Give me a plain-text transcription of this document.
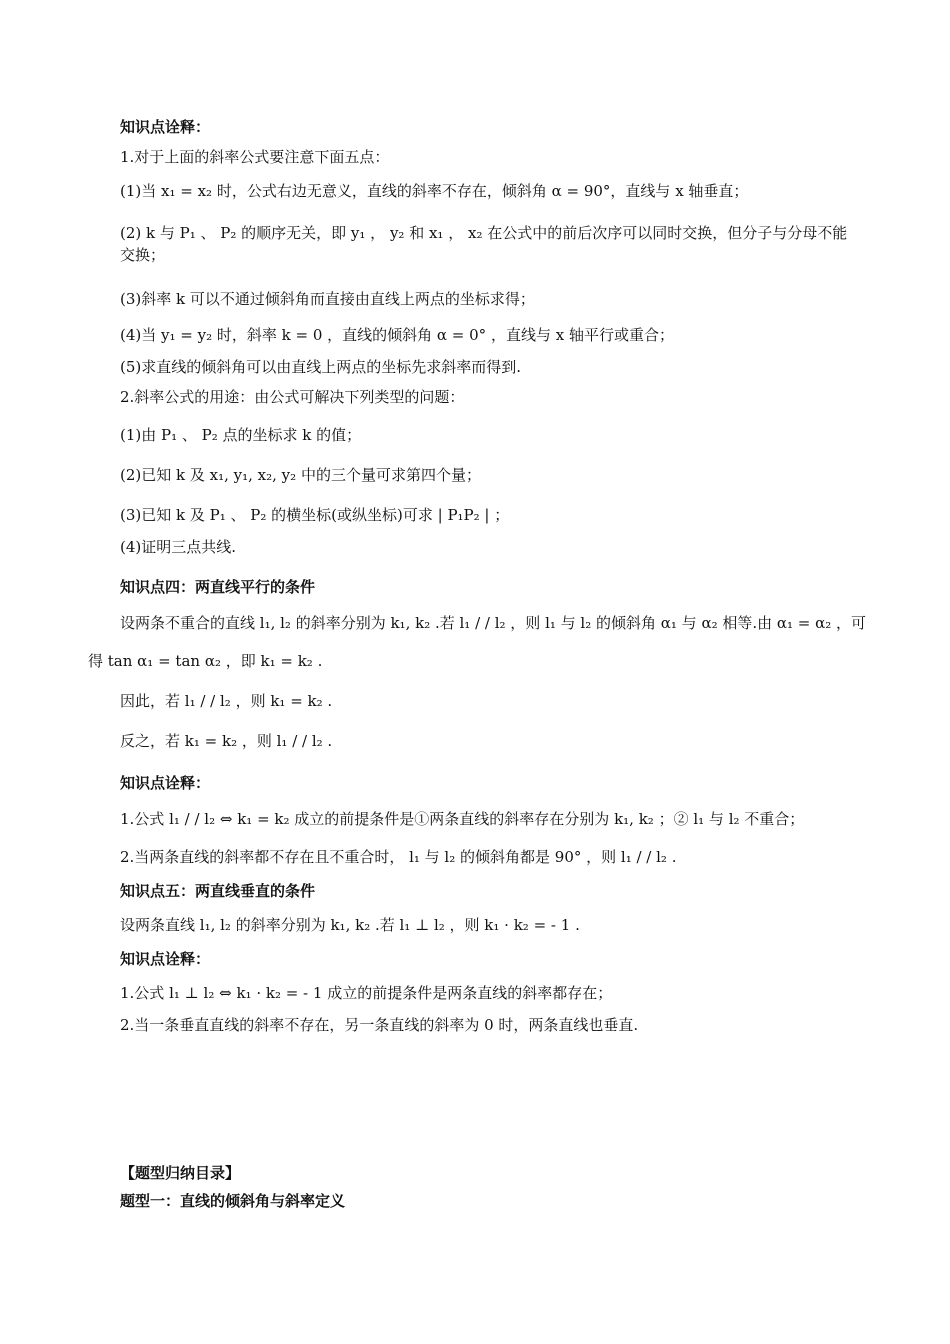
知识点诠释：
1.对于上面的斜率公式要注意下面五点：
(1)当 x₁ = x₂ 时，公式右边无意义，直线的斜率不存在，倾斜角 α = 90°，直线与 x 轴垂直；
(2) k 与 P₁ 、 P₂ 的顺序无关，即 y₁ ， y₂ 和 x₁ ， x₂ 在公式中的前后次序可以同时交换，但分子与分母不能交换；
(3)斜率 k 可以不通过倾斜角而直接由直线上两点的坐标求得；
(4)当 y₁ = y₂ 时，斜率 k = 0 ，直线的倾斜角 α = 0° ，直线与 x 轴平行或重合；
(5)求直线的倾斜角可以由直线上两点的坐标先求斜率而得到.
2.斜率公式的用途：由公式可解决下列类型的问题：
(1)由 P₁ 、 P₂ 点的坐标求 k 的值；
(2)已知 k 及 x₁, y₁, x₂, y₂ 中的三个量可求第四个量；
(3)已知 k 及 P₁ 、 P₂ 的横坐标(或纵坐标)可求 | P₁P₂ | ；
(4)证明三点共线.
知识点四：两直线平行的条件
设两条不重合的直线 l₁, l₂ 的斜率分别为 k₁, k₂ .若 l₁ / / l₂ ，则 l₁ 与 l₂ 的倾斜角 α₁ 与 α₂ 相等.由 α₁ = α₂ ，可
得 tan α₁ = tan α₂ ，即 k₁ = k₂ .
因此，若 l₁ / / l₂ ，则 k₁ = k₂ .
反之，若 k₁ = k₂ ，则 l₁ / / l₂ .
知识点诠释：
1.公式 l₁ / / l₂ ⇔ k₁ = k₂ 成立的前提条件是①两条直线的斜率存在分别为 k₁, k₂ ；② l₁ 与 l₂ 不重合；
2.当两条直线的斜率都不存在且不重合时， l₁ 与 l₂ 的倾斜角都是 90° ，则 l₁ / / l₂ .
知识点五：两直线垂直的条件
设两条直线 l₁, l₂ 的斜率分别为 k₁, k₂ .若 l₁ ⊥ l₂ ，则 k₁ · k₂ = - 1 .
知识点诠释：
1.公式 l₁ ⊥ l₂ ⇔ k₁ · k₂ = - 1 成立的前提条件是两条直线的斜率都存在；
2.当一条垂直直线的斜率不存在，另一条直线的斜率为 0 时，两条直线也垂直.
【题型归纳目录】
题型一：直线的倾斜角与斜率定义
